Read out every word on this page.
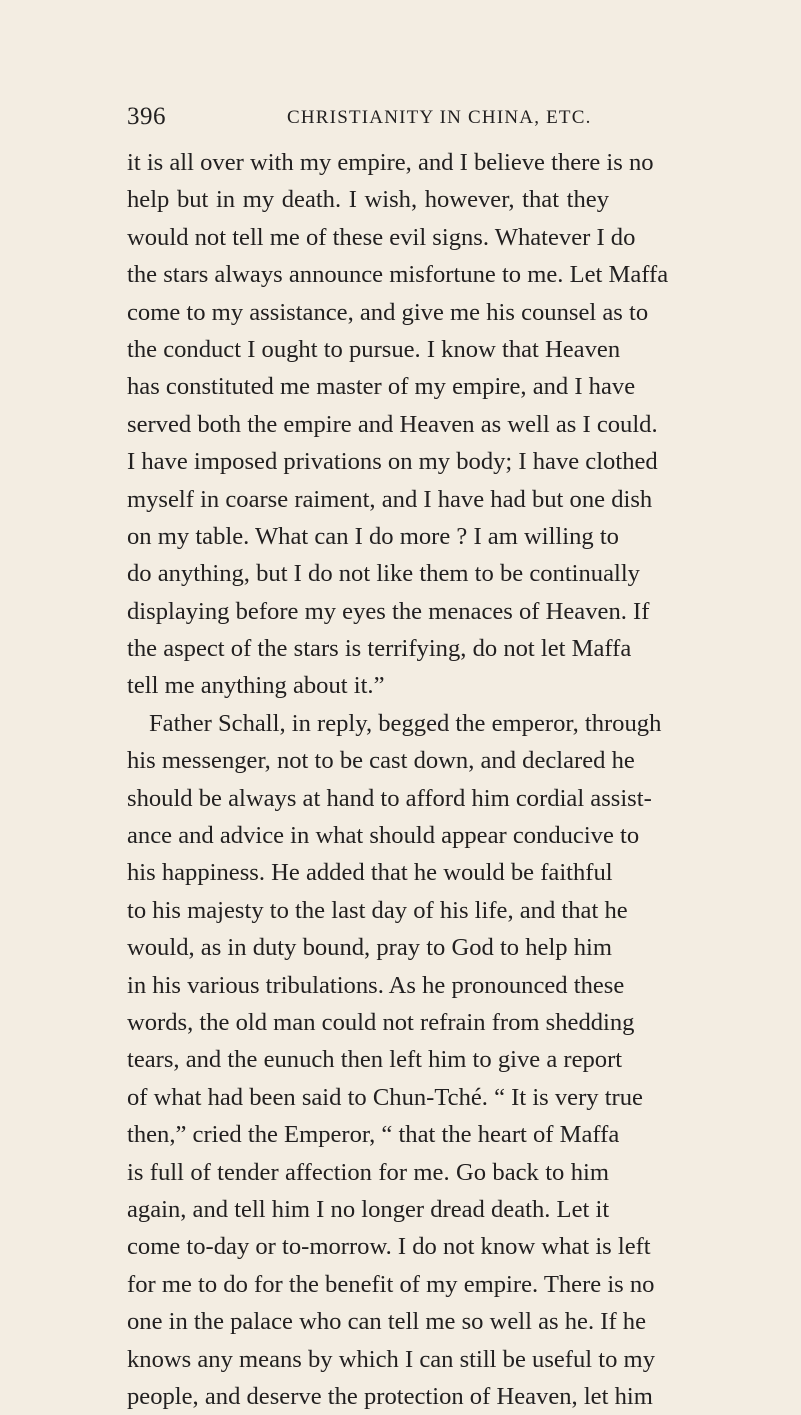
396	CHRISTIANITY IN CHINA, ETC.
it is all over with my empire, and I believe there is no
help but in my death. I wish, however, that they
would not tell me of these evil signs. Whatever I do
the stars always announce misfortune to me. Let Maffa
come to my assistance, and give me his counsel as to
the conduct I ought to pursue. I know that Heaven
has constituted me master of my empire, and I have
served both the empire and Heaven as well as I could.
I have imposed privations on my body; I have clothed
myself in coarse raiment, and I have had but one dish
on my table. What can I do more ? I am willing to
do anything, but I do not like them to be continually
displaying before my eyes the menaces of Heaven. If
the aspect of the stars is terrifying, do not let Maffa
tell me anything about it.”
Father Schall, in reply, begged the emperor, through
his messenger, not to be cast down, and declared he
should be always at hand to afford him cordial assist-
ance and advice in what should appear conducive to
his happiness. He added that he would be faithful
to his majesty to the last day of his life, and that he
would, as in duty bound, pray to God to help him
in his various tribulations. As he pronounced these
words, the old man could not refrain from shedding
tears, and the eunuch then left him to give a report
of what had been said to Chun-Tché. “ It is very true
then,” cried the Emperor, “ that the heart of Maffa
is full of tender affection for me. Go back to him
again, and tell him I no longer dread death. Let it
come to-day or to-morrow. I do not know what is left
for me to do for the benefit of my empire. There is no
one in the palace who can tell me so well as he. If he
knows any means by which I can still be useful to my
people, and deserve the protection of Heaven, let him
